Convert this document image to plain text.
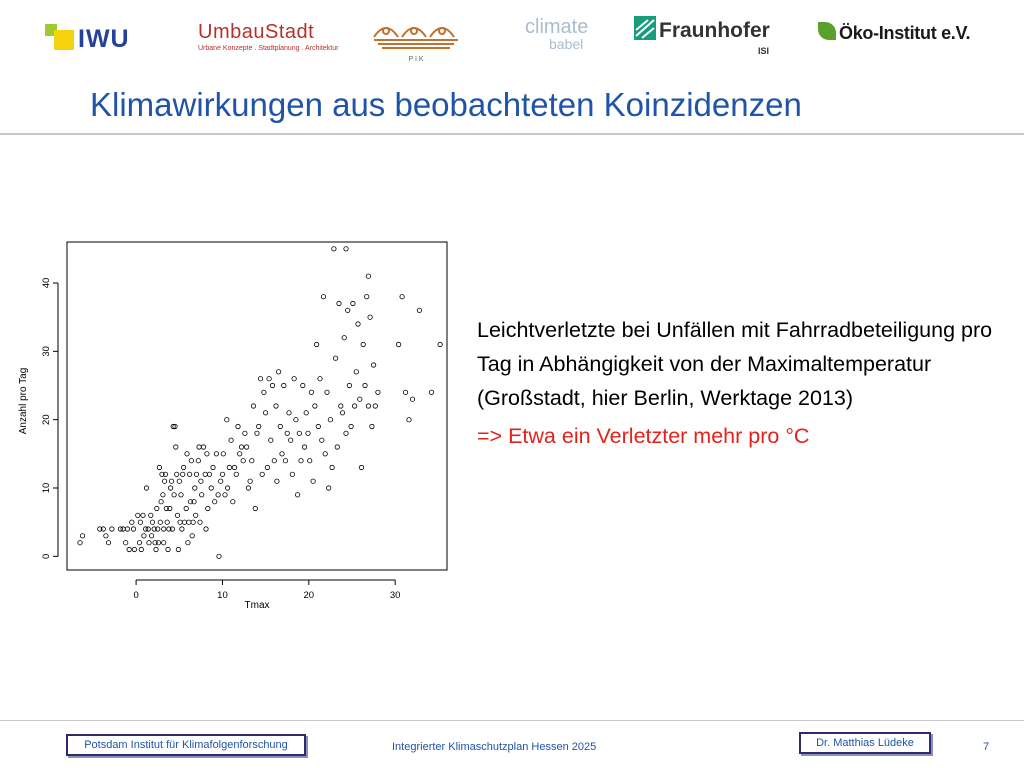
IWU	UmbauStadt
Urbane Konzepte . Stadtplanung . Architektur
P I K
climate
babel
Fraunhofer
ISI
Öko-Institut e.V.
Klimawirkungen aus beobachteten Koinzidenzen
0	10	20	30
0
10
20
30
40
Tmax
Anzahl pro Tag

Leichtverletzte bei Unfällen mit Fahrradbeteiligung pro Tag in Abhängigkeit von der Maximaltemperatur (Großstadt, hier Berlin, Werktage 2013)

=> Etwa ein Verletzter mehr pro °C

Potsdam Institut für Klimafolgenforschung	Integrierter Klimaschutzplan Hessen 2025	Dr. Matthias Lüdeke	7
